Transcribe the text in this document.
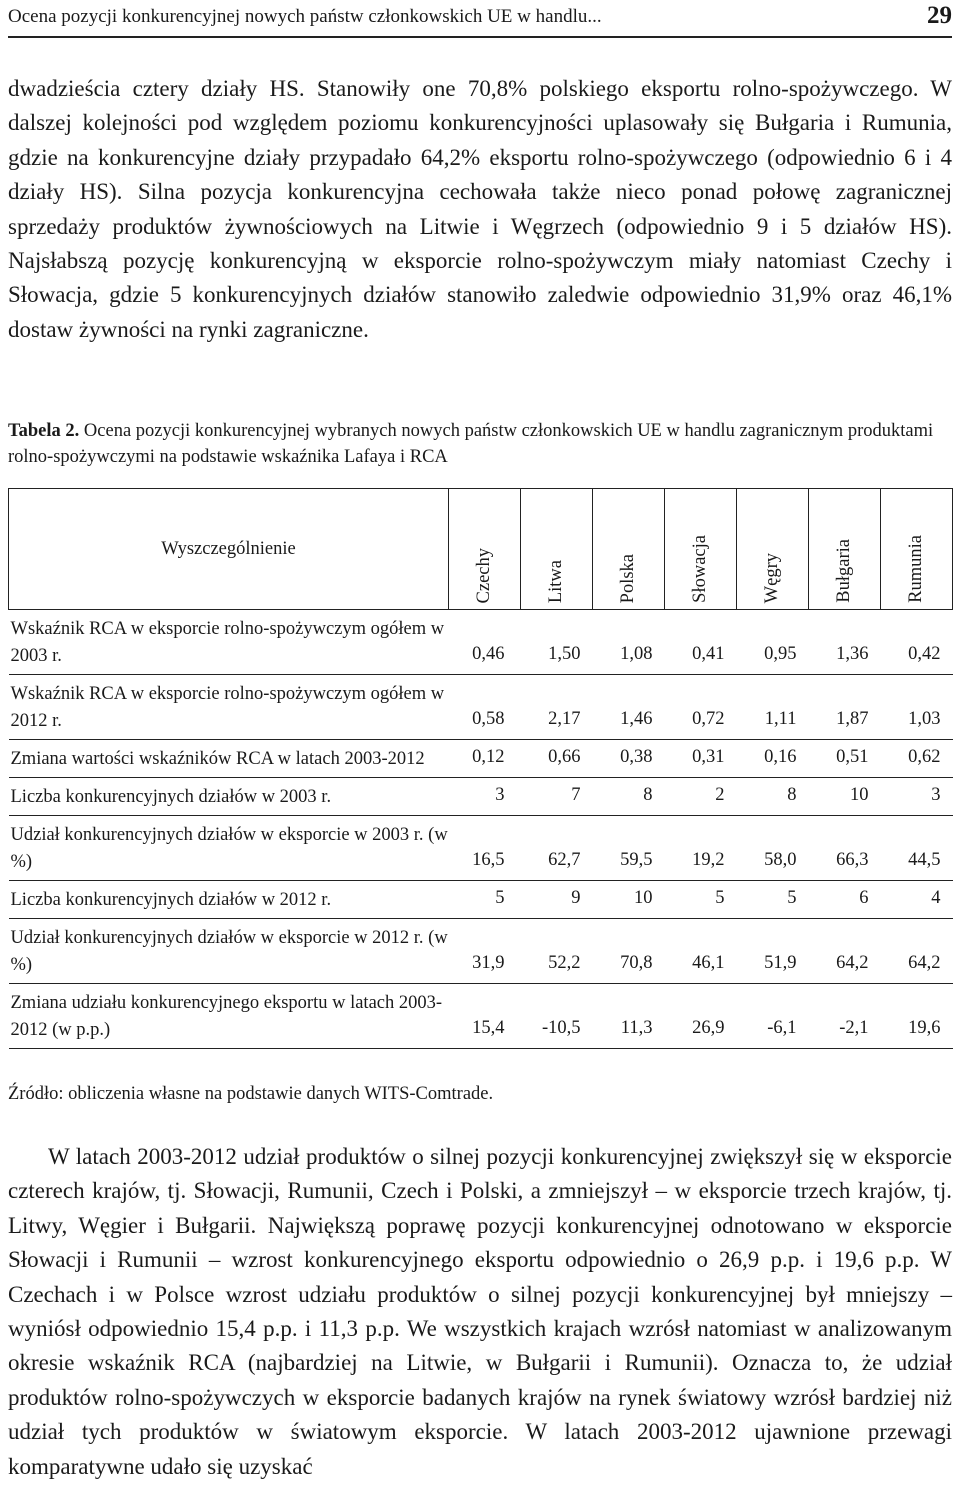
Ocena pozycji konkurencyjnej nowych państw członkowskich UE w handlu...	29

dwadzieścia cztery działy HS. Stanowiły one 70,8% polskiego eksportu rolno-spożywczego. W dalszej kolejności pod względem poziomu konkurencyjności uplasowały się Bułgaria i Rumunia, gdzie na konkurencyjne działy przypadało 64,2% eksportu rolno-spożywczego (odpowiednio 6 i 4 działy HS). Silna pozycja konkurencyjna cechowała także nieco ponad połowę zagranicznej sprzedaży produktów żywnościowych na Litwie i Węgrzech (odpowiednio 9 i 5 działów HS). Najsłabszą pozycję konkurencyjną w eksporcie rolno-spożywczym miały natomiast Czechy i Słowacja, gdzie 5 konkurencyjnych działów stanowiło zaledwie odpowiednio 31,9% oraz 46,1% dostaw żywności na rynki zagraniczne.

Tabela 2. Ocena pozycji konkurencyjnej wybranych nowych państw członkowskich UE w handlu zagranicznym produktami rolno-spożywczymi na podstawie wskaźnika Lafaya i RCA

Wyszczególnienie	Czechy	Litwa	Polska	Słowacja	Węgry	Bułgaria	Rumunia
Wskaźnik RCA w eksporcie rolno-spożywczym ogółem w 2003 r.	0,46	1,50	1,08	0,41	0,95	1,36	0,42
Wskaźnik RCA w eksporcie rolno-spożywczym ogółem w 2012 r.	0,58	2,17	1,46	0,72	1,11	1,87	1,03
Zmiana wartości wskaźników RCA w latach 2003-2012	0,12	0,66	0,38	0,31	0,16	0,51	0,62
Liczba konkurencyjnych działów w 2003 r.	3	7	8	2	8	10	3
Udział konkurencyjnych działów w eksporcie w 2003 r. (w %)	16,5	62,7	59,5	19,2	58,0	66,3	44,5
Liczba konkurencyjnych działów w 2012 r.	5	9	10	5	5	6	4
Udział konkurencyjnych działów w eksporcie w 2012 r. (w %)	31,9	52,2	70,8	46,1	51,9	64,2	64,2
Zmiana udziału konkurencyjnego eksportu w latach 2003-2012 (w p.p.)	15,4	-10,5	11,3	26,9	-6,1	-2,1	19,6
Źródło: obliczenia własne na podstawie danych WITS-Comtrade.

W latach 2003-2012 udział produktów o silnej pozycji konkurencyjnej zwiększył się w eksporcie czterech krajów, tj. Słowacji, Rumunii, Czech i Polski, a zmniejszył – w eksporcie trzech krajów, tj. Litwy, Węgier i Bułgarii. Największą poprawę pozycji konkurencyjnej odnotowano w eksporcie Słowacji i Rumunii – wzrost konkurencyjnego eksportu odpowiednio o 26,9 p.p. i 19,6 p.p. W Czechach i w Polsce wzrost udziału produktów o silnej pozycji konkurencyjnej był mniejszy – wyniósł odpowiednio 15,4 p.p. i 11,3 p.p. We wszystkich krajach wzrósł natomiast w analizowanym okresie wskaźnik RCA (najbardziej na Litwie, w Bułgarii i Rumunii). Oznacza to, że udział produktów rolno-spożywczych w eksporcie badanych krajów na rynek światowy wzrósł bardziej niż udział tych produktów w światowym eksporcie. W latach 2003-2012 ujawnione przewagi komparatywne udało się uzyskać
